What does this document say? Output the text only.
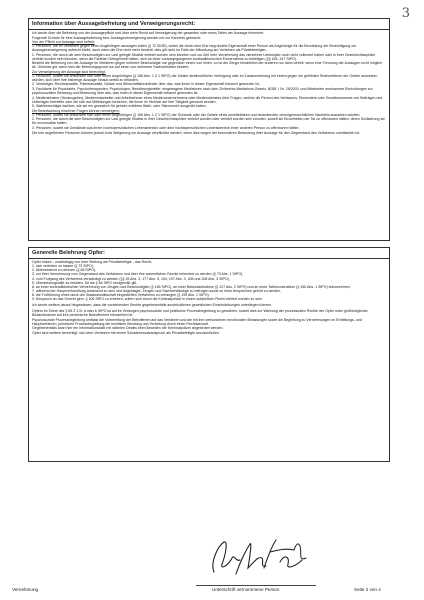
3
Information über Aussagebefreiung und Verweigerungsrecht:

Ich wurde über die Befreiung von der Aussagepflicht und über mein Recht auf Verweigerung der gesamten oder eines Teiles der Aussage informiert.

Folgende Gründe für eine Aussagebefreiung bzw. Aussageverweigerung wurden mir zur Kenntnis gebracht:

Von der Pflicht zur Aussage sind befreit:

1. Personen, die im Verfahren gegen einen Angehörigen aussagen sollen (§ 72 StGB), wobei die durch eine Ehe begründete Eigenschaft einer Person als Angehörige für die Beurteilung der Berechtigung zur Aussageverweigerung aufrecht bleibt, auch wenn die Ehe nicht mehr besteht; dies gilt nicht im Falle der Mitwirkung am Verfahren als Privatbeteiligter.

2. Personen, die durch die dem Beschuldigten zur Last gelegte Straftat verletzt worden sein könnten und zur Zeit ihrer Vernehmung das vierzehnte Lebensjahr noch nicht vollendet haben oder in ihrer Geschlechtssphäre verletzt worden sein könnten, wenn die Parteien Gelegenheit hatten, sich an einer vorausgegangenen kontradiktorischen Einvernahme zu beteiligen (§§ 165, 247 StPO).

Besteht die Befreiung von der Aussage im Verfahren gegen mehrere Beschuldigte nur gegenüber einem von ihnen, so ist der Zeuge hinsichtlich der anderen nur dann befreit, wenn eine Trennung der Aussagen nicht möglich ist. Gleiches gilt, wenn sich der Befreiungsgrund nur auf einen von mehreren Sachverhalten bezieht.

Zur Verweigerung der Aussage sind berechtigt:

1. Personen, soweit sie ansonsten sich oder einen Angehörigen (§ 156 Abs. 1 Z 1 StPO) der Gefahr strafrechtlicher Verfolgung oder im Zusammenhang mit einem gegen sie geführten Strafverfahren der Gefahr aussetzen würden, sich über ihre bisherige Aussage hinaus selbst zu belasten.

2. Verteidiger, Rechtsanwälte, Patentanwälte, Notare und Wirtschaftstreuhänder über das, was ihnen in dieser Eigenschaft bekannt geworden ist,

3. Fachärzte für Psychiatrie, Psychotherapeuten, Psychologen, Bewährungshelfer, eingetragene Mediatoren nach dem Zivilrechts-Mediations-Gesetz, BGBl. I Nr. 29/2003, und Mitarbeiter anerkannter Einrichtungen zur psychosozialen Beratung und Betreuung über das, was ihnen in dieser Eigenschaft bekannt geworden ist,

4. Medieninhaber (Herausgeber), Medienmitarbeiter und Arbeitnehmer eines Medienunternehmens oder Mediendienstes über Fragen, welche die Person des Verfassers, Einsenders oder Gewährsmannes von Beiträgen und Unterlagen betreffen oder die sich auf Mitteilungen beziehen, die ihnen im Hinblick auf ihre Tätigkeit gemacht wurden,

5. Wahlberechtigte darüber, wie sie ein gesetzlich für geheim erklärtes Wahl- oder Stimmrecht ausgeübt haben.

Die Beantwortung einzelner Fragen können verweigern:

1. Personen, soweit sie ansonsten sich oder einen Angehörigen (§ 156 Abs. 1 Z 1 StPO) der Schande oder der Gefahr eines unmittelbaren und bedeutenden vermögensrechtlichen Nachteils aussetzen würden,

2. Personen, die durch die dem Beschuldigten zur Last gelegte Straftat in ihrer Geschlechtssphäre verletzt worden oder verletzt worden sein könnten, soweit sie Einzelheiten der Tat zu offenbaren hätten, deren Schilderung sie für unzumutbar halten,

3. Personen, soweit sie Umstände aus ihrem höchstpersönlichen Lebensbereich oder dem höchstpersönlichen Lebensbereich einer anderen Person zu offenbaren hätten.

Die hier angeführten Personen können jedoch trotz Weigerung zur Aussage verpflichtet werden, wenn dies wegen der besonderen Bedeutung ihrer Aussage für den Gegenstand des Verfahrens unerlässlich ist.

Generelle Belehrung Opfer:

Opfer haben - unabhängig von ihrer Stellung als Privatbeteiligte - das Recht,

1. sich vertreten zu lassen (§ 73 StPO),

2. Akteneinsicht zu nehmen (§ 68 StPO),

3. vor ihrer Vernehmung vom Gegenstand des Verfahrens und über ihre wesentlichen Rechte informiert zu werden (§ 70 Abs. 1 StPO),

4. vom Fortgang des Verfahrens verständigt zu werden (§§ 25 Abs. 3, 177 Abs. 5, 194, 197 Abs. 3, 206 und 208 Abs. 3 StPO),

5. Übersetzungshilfe zu erhalten, für die § 56 StPO sinngemäß gilt,

6. an einer kontradiktorischen Vernehmung von Zeugen und Beschuldigten (§ 165 StPO), an einer Befundaufnahme (§ 127 Abs. 2 StPO) und an einer Tatrekonstruktion (§ 150 Abs. 1 StPO) teilzunehmen,

7. während der Hauptverhandlung anwesend zu sein und Angeklagte, Zeugen und Sachverständige zu befragen sowie zu ihren Ansprüchen gehört zu werden,

8. die Fortführung eines durch die Staatsanwaltschaft eingestellten Verfahrens zu verlangen (§ 195 Abs. 1 StPO).

9. Einspruch an das Gericht gem. § 106 StPO zu erheben, sofern sich durch die Kriminalpolizei in einem subjektiven Recht verletzt worden zu sein.

Ich wurde weiters darauf hingewiesen, dass die vorstehenden Rechte gegebenenfalls ausdrücklichen gesetzlichen Einschränkungen unterliegen können.

Opfern im Sinne des § 65 Z 1 lit. a oder b StPO ist auf ihr Verlangen psychosoziale und juristische Prozessbegleitung zu gewähren, soweit dies zur Wahrung der prozessualen Rechte der Opfer unter größtmöglicher Bedachtnahme auf ihre persönliche Betroffenheit erforderlich ist.

Psychosoziale Prozessbegleitung umfasst die Vorbereitung der Betroffenen auf das Verfahren und die mit ihm verbundenen emotionalen Belastungen sowie die Begleitung zu Vernehmungen im Ermittlungs- und Hauptverfahren, juristische Prozessbegleitung die rechtliche Beratung und Vertretung durch einen Rechtsanwalt.

Gegebenenfalls kann hier ein Informationsblatt mit näheren Details beim Beamten der Kriminalpolizei angefordert werden.

Opfer sind weiters berechtigt, sich dem Verfahren mit einem Schadenersatzanspruch als Privatbeteiligte anzuschließen.

Vernehmung	Unterschrift vernommene Person	Seite 2 von 4
